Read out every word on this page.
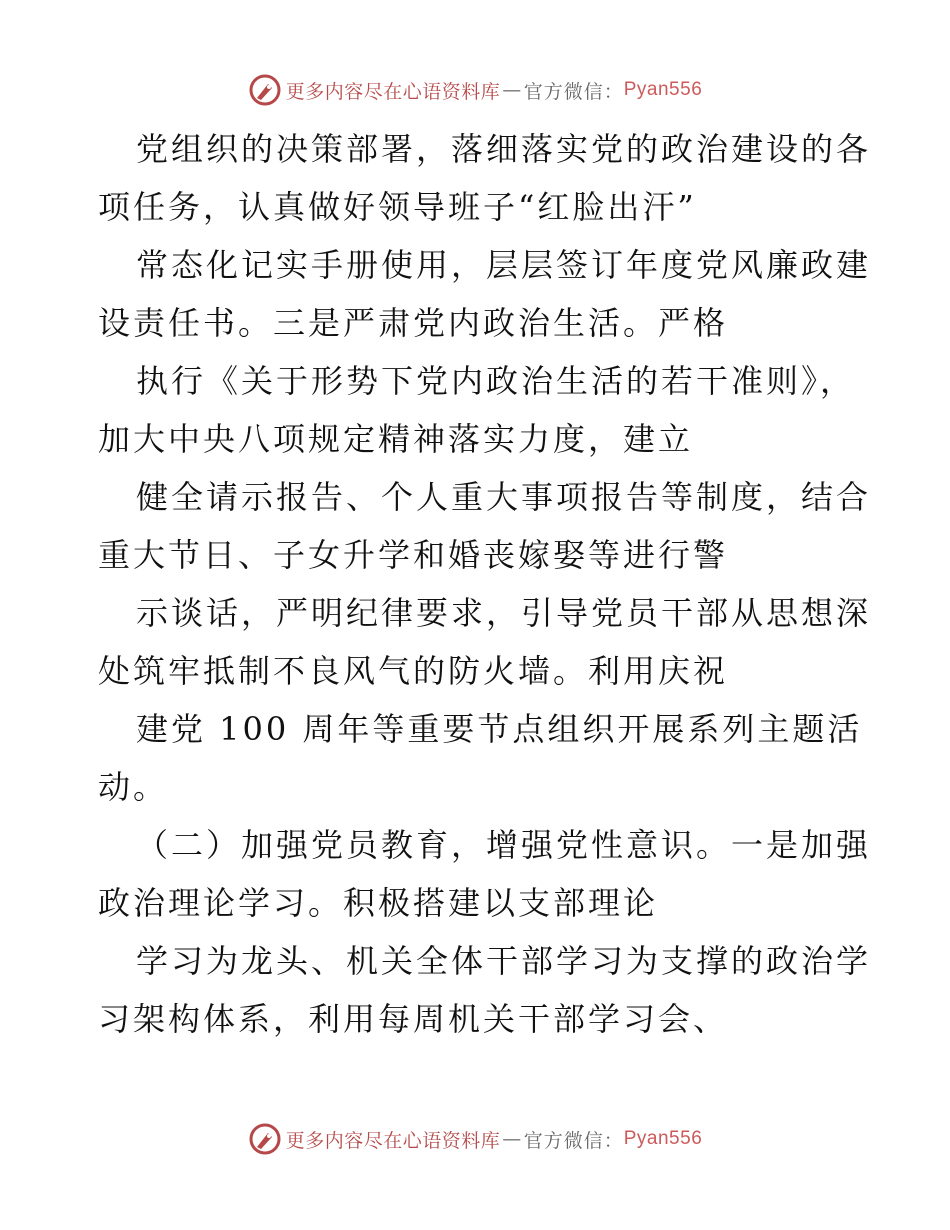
更多内容尽在心语资料库 — 官方微信： Pyan556
党组织的决策部署，落细落实党的政治建设的各
项任务，认真做好领导班子“红脸出汗”
常态化记实手册使用，层层签订年度党风廉政建
设责任书。三是严肃党内政治生活。严格
执行《关于形势下党内政治生活的若干准则》，
加大中央八项规定精神落实力度，建立
健全请示报告、个人重大事项报告等制度，结合
重大节日、子女升学和婚丧嫁娶等进行警
示谈话，严明纪律要求，引导党员干部从思想深
处筑牢抵制不良风气的防火墙。利用庆祝
建党 100 周年等重要节点组织开展系列主题活
动。
（二）加强党员教育，增强党性意识。一是加强
政治理论学习。积极搭建以支部理论
学习为龙头、机关全体干部学习为支撑的政治学
习架构体系，利用每周机关干部学习会、
更多内容尽在心语资料库 — 官方微信： Pyan556
